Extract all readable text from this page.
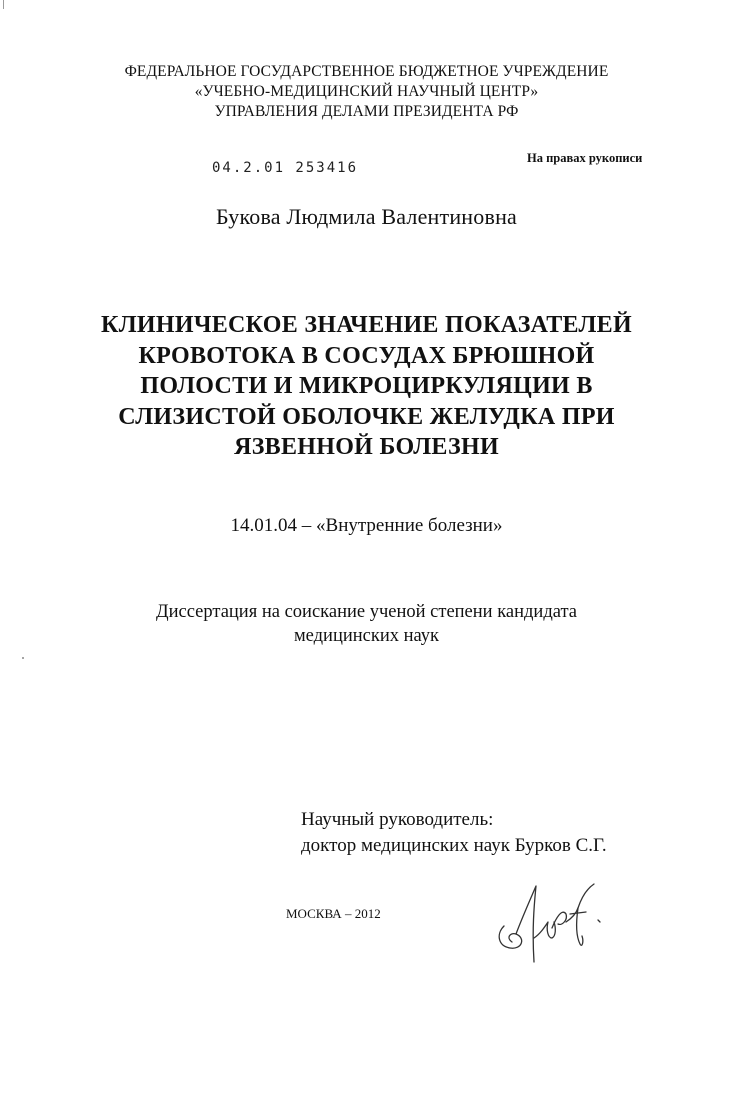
ФЕДЕРАЛЬНОЕ ГОСУДАРСТВЕННОЕ БЮДЖЕТНОЕ УЧРЕЖДЕНИЕ
«УЧЕБНО-МЕДИЦИНСКИЙ НАУЧНЫЙ ЦЕНТР»
УПРАВЛЕНИЯ ДЕЛАМИ ПРЕЗИДЕНТА РФ
04.2.01 253416
На правах рукописи
Букова Людмила Валентиновна
КЛИНИЧЕСКОЕ ЗНАЧЕНИЕ ПОКАЗАТЕЛЕЙ
КРОВОТОКА В СОСУДАХ БРЮШНОЙ
ПОЛОСТИ И МИКРОЦИРКУЛЯЦИИ В
СЛИЗИСТОЙ ОБОЛОЧКЕ ЖЕЛУДКА ПРИ
ЯЗВЕННОЙ БОЛЕЗНИ
14.01.04 – «Внутренние болезни»
Диссертация на соискание ученой степени кандидата
медицинских наук
Научный руководитель:
доктор медицинских наук Бурков С.Г.
МОСКВА – 2012
